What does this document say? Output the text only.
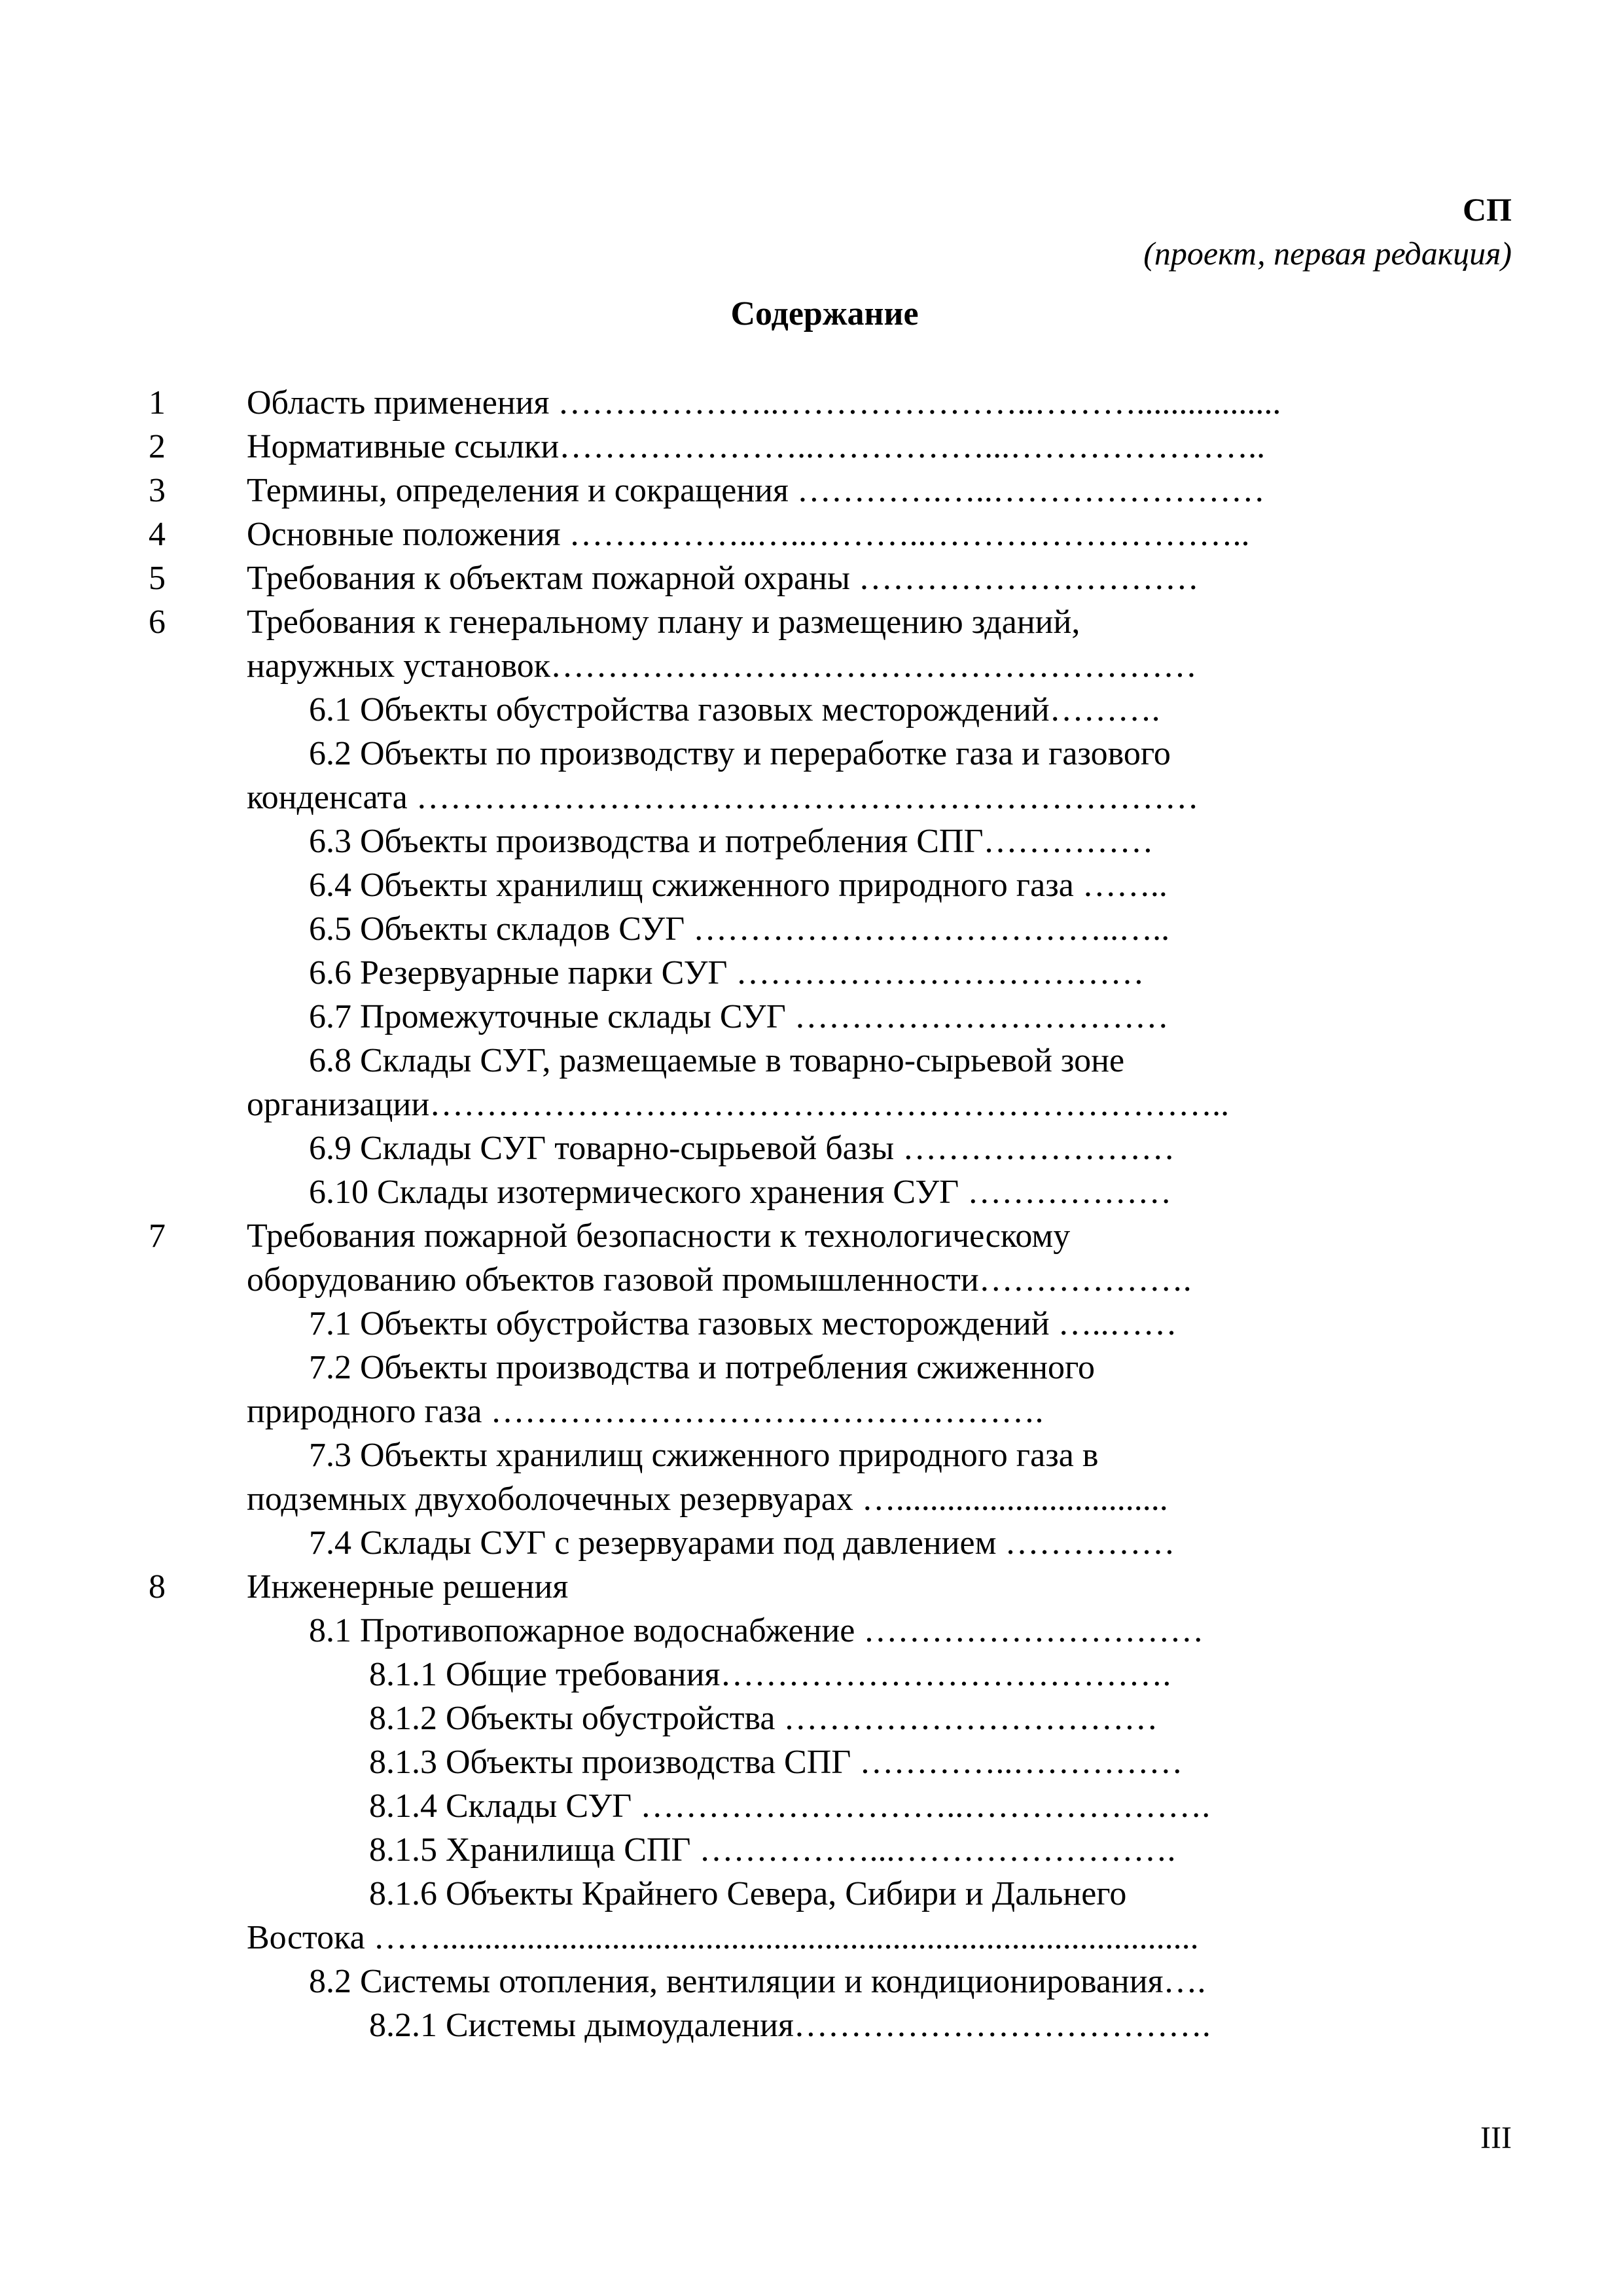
СП
(проект, первая редакция)
Содержание
1 Область применения ………………..…………………..……….................
2 Нормативные ссылки…………………..……………...…………………..
3 Термины, определения и сокращения ………….…..……………………
4 Основные положения ……………..…..………..………………………..
5 Требования к объектам пожарной охраны …………………………
6 Требования к генеральному плану и размещению зданий,
наружных установок…………………………………………………
6.1 Объекты обустройства газовых месторождений……….
6.2 Объекты по производству и переработке газа и газового
конденсата ……………………………………………………………
6.3 Объекты производства и потребления СПГ……………
6.4 Объекты хранилищ сжиженного природного газа ……..
6.5 Объекты складов СУГ ………………………………..…..
6.6 Резервуарные парки СУГ ………………………………
6.7 Промежуточные склады СУГ ……………………………
6.8 Склады СУГ, размещаемые в товарно-сырьевой зоне
организации……………………………………………………………..
6.9 Склады СУГ товарно-сырьевой базы ……………………
6.10 Склады изотермического хранения СУГ ………………
7 Требования пожарной безопасности к технологическому
оборудованию объектов газовой промышленности……………….
7.1 Объекты обустройства газовых месторождений …..……
7.2 Объекты производства и потребления сжиженного
природного газа ………………………………………….
7.3 Объекты хранилищ сжиженного природного газа в
подземных двухоболочечных резервуарах …................................
7.4 Склады СУГ с резервуарами под давлением ……………
8 Инженерные решения
8.1 Противопожарное водоснабжение …………………………
8.1.1 Общие требования………………………………….
8.1.2 Объекты обустройства ……………………………
8.1.3 Объекты производства СПГ …………..……………
8.1.4 Склады СУГ ………………………..………………….
8.1.5 Хранилища СПГ ……………...…………………….
8.1.6 Объекты Крайнего Севера, Сибири и Дальнего
Востока …….........................................................................................
8.2 Системы отопления, вентиляции и кондиционирования….
8.2.1 Системы дымоудаления……………………………….
III
